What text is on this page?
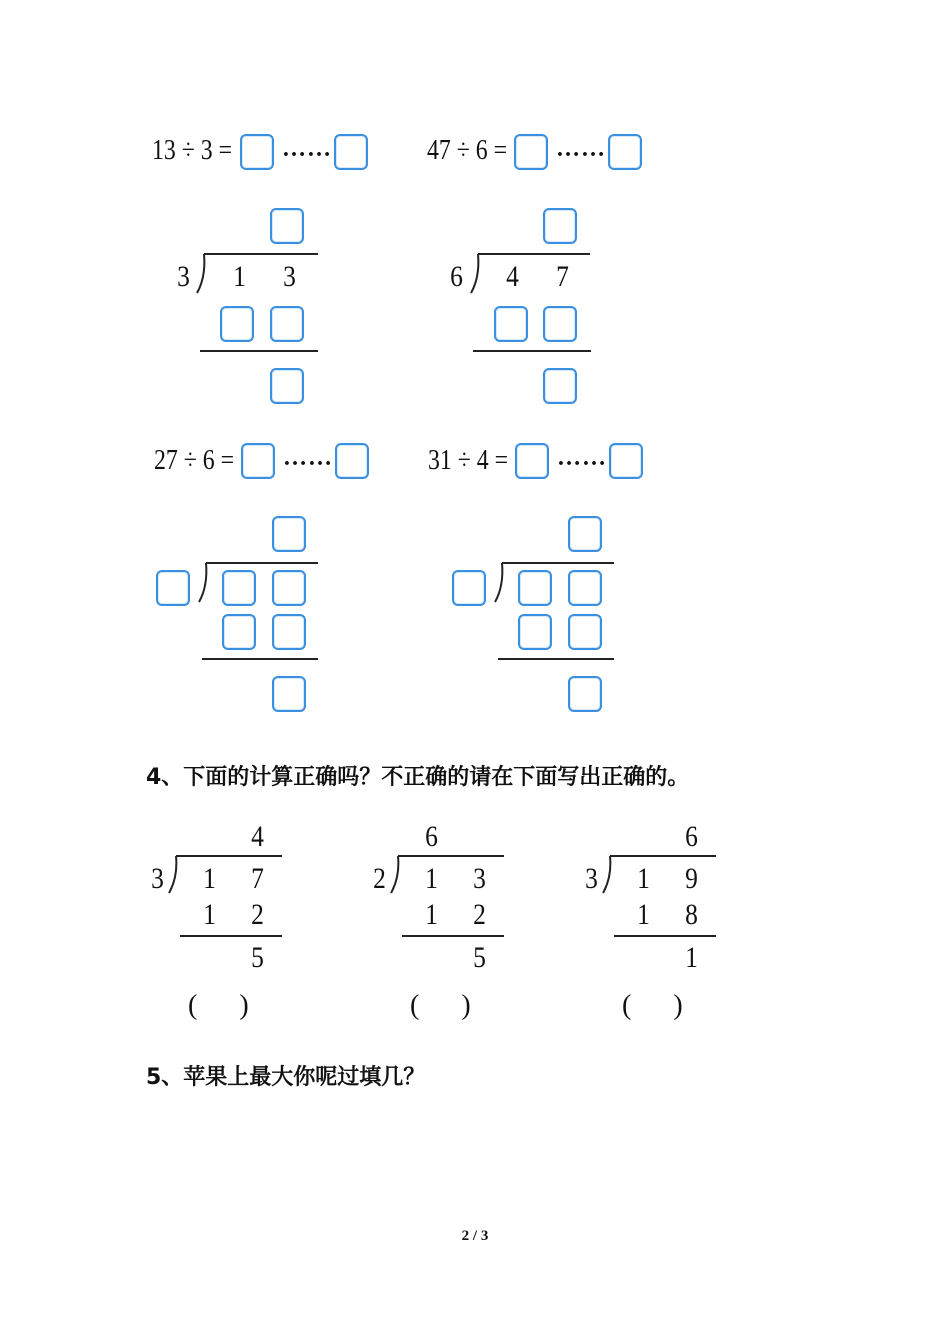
13 ÷ 3 = ……
3 1 3
47 ÷ 6 = ……
6 4 7
27 ÷ 6 = ……	31 ÷ 4 = ……
4、下面的计算正确吗？不正确的请在下面写出正确的。
4
3 1 7
1 2
5
(      )
6
2 1 3
1 2
5
(      )
6
3 1 9
1 8
1
(      )
5、苹果上最大你呢过填几？
2 / 3
